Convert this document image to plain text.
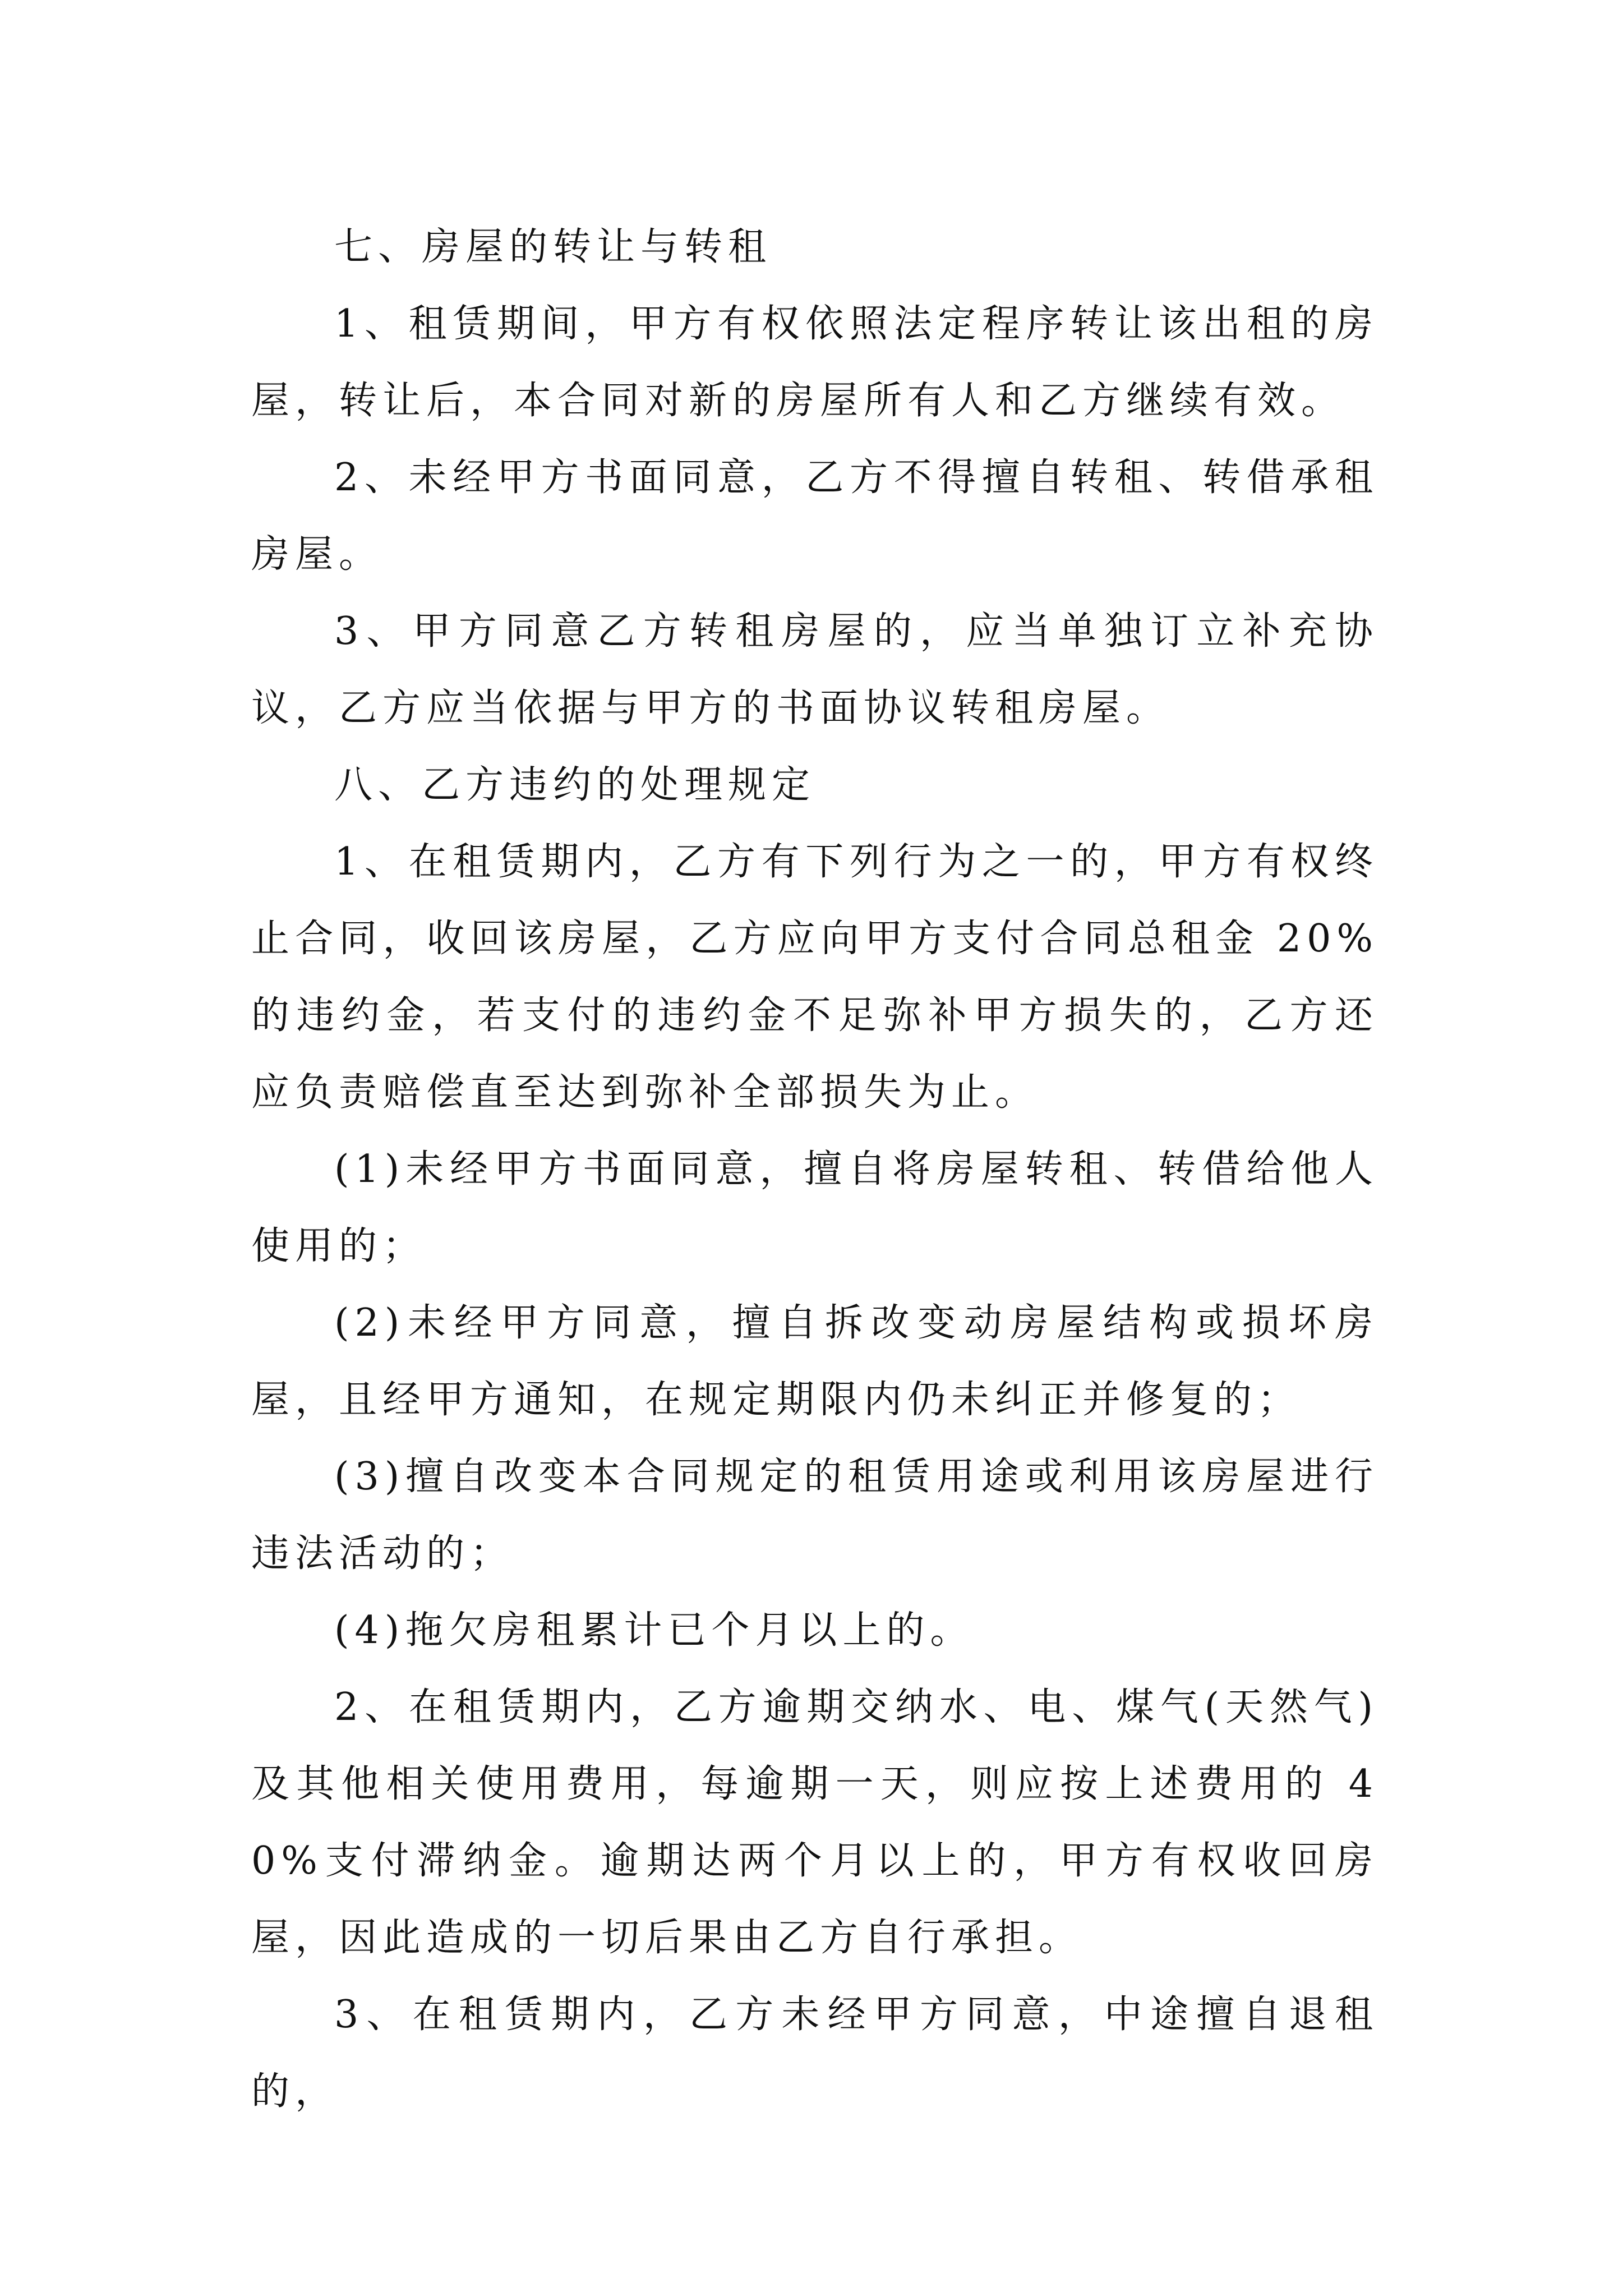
七、房屋的转让与转租

1、租赁期间，甲方有权依照法定程序转让该出租的房屋，转让后，本合同对新的房屋所有人和乙方继续有效。

2、未经甲方书面同意，乙方不得擅自转租、转借承租房屋。

3、甲方同意乙方转租房屋的，应当单独订立补充协议，乙方应当依据与甲方的书面协议转租房屋。

八、乙方违约的处理规定

1、在租赁期内，乙方有下列行为之一的，甲方有权终止合同，收回该房屋，乙方应向甲方支付合同总租金 20%的违约金，若支付的违约金不足弥补甲方损失的，乙方还应负责赔偿直至达到弥补全部损失为止。

(1)未经甲方书面同意，擅自将房屋转租、转借给他人使用的；

(2)未经甲方同意，擅自拆改变动房屋结构或损坏房屋，且经甲方通知，在规定期限内仍未纠正并修复的；

(3)擅自改变本合同规定的租赁用途或利用该房屋进行违法活动的；

(4)拖欠房租累计已个月以上的。

2、在租赁期内，乙方逾期交纳水、电、煤气(天然气)及其他相关使用费用，每逾期一天，则应按上述费用的 40%支付滞纳金。逾期达两个月以上的，甲方有权收回房屋，因此造成的一切后果由乙方自行承担。

3、在租赁期内，乙方未经甲方同意，中途擅自退租的，
